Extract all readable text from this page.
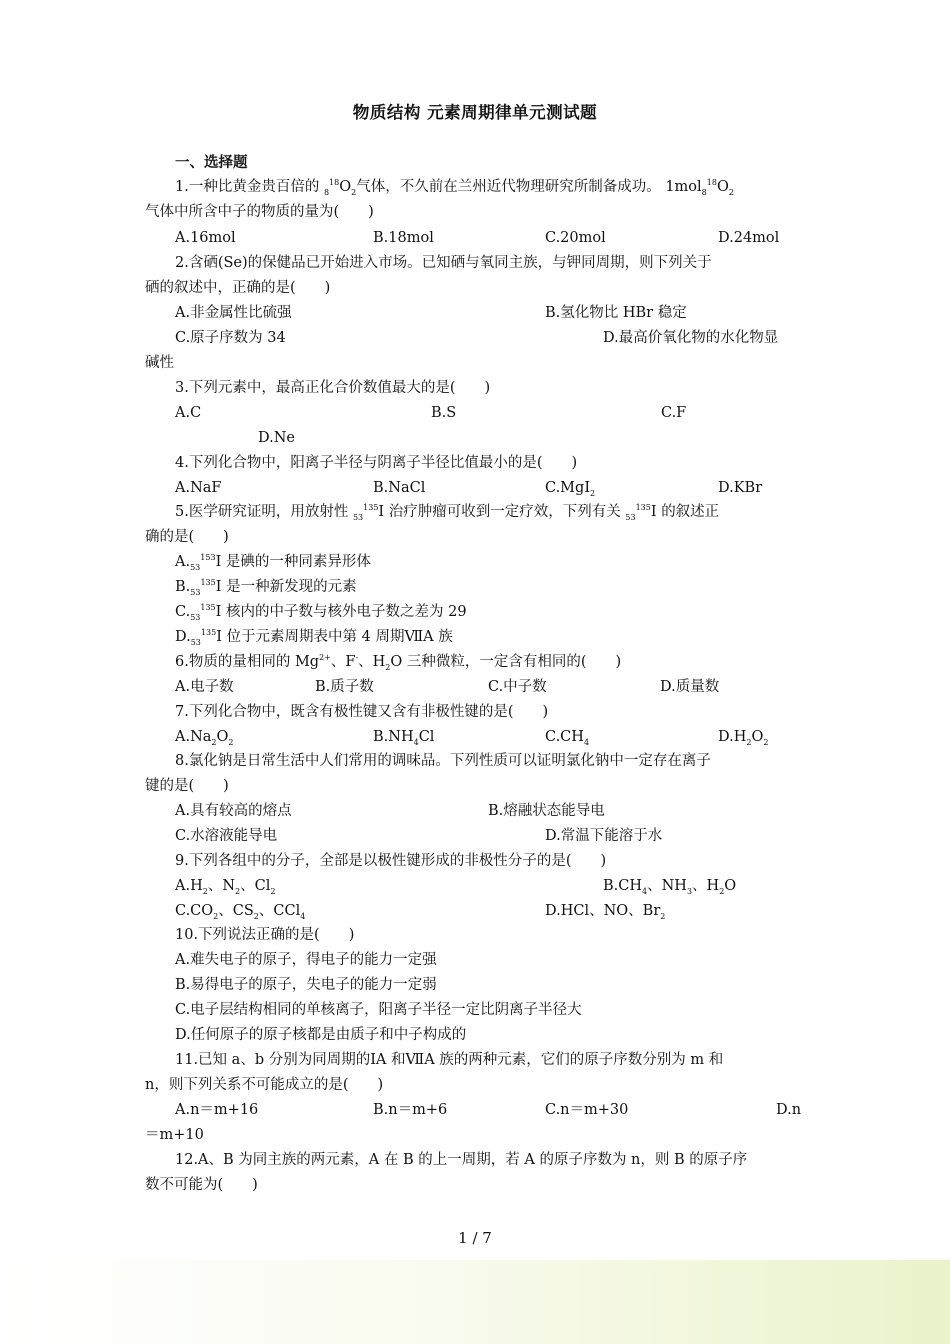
物质结构 元素周期律单元测试题
一、选择题
1.一种比黄金贵百倍的 $_8^{18}O_2$气体，不久前在兰州近代物理研究所制备成功。 $1mol_8^{18}O_2$
气体中所含中子的物质的量为(　　)
A.16mol	B.18mol	C.20mol	D.24mol
2.含硒(Se)的保健品已开始进入市场。已知硒与氧同主族，与钾同周期，则下列关于
硒的叙述中，正确的是(　　)
A.非金属性比硫强	B.氢化物比 HBr 稳定
C.原子序数为 34	D.最高价氧化物的水化物显
碱性
3.下列元素中，最高正化合价数值最大的是(　　)
A.C	B.S	C.F
D.Ne
4.下列化合物中，阳离子半径与阴离子半径比值最小的是(　　)
A.NaF	B.NaCl	C.MgI$_2$	D.KBr
5.医学研究证明，用放射性 $_{53}^{135}$I 治疗肿瘤可收到一定疗效，下列有关 $_{53}^{135}$I 的叙述正
确的是(　　)
$A._{53}^{153}I$ 是碘的一种同素异形体
$B._{53}^{135}I$ 是一种新发现的元素
$C._{53}^{135}I$ 核内的中子数与核外电子数之差为 29
$D._{53}^{135}I$ 位于元素周期表中第 4 周期ⅦA 族
6.物质的量相同的 $Mg^{2+}$、F-、$H_2O$ 三种微粒，一定含有相同的(　　)
A.电子数	B.质子数	C.中子数	D.质量数
7.下列化合物中，既含有极性键又含有非极性键的是(　　)
$A.Na_2O_2$	$B.NH_4Cl$	$C.CH_4$	$D.H_2O_2$
8.氯化钠是日常生活中人们常用的调味品。下列性质可以证明氯化钠中一定存在离子
键的是(　　)
A.具有较高的熔点	B.熔融状态能导电
C.水溶液能导电	D.常温下能溶于水
9.下列各组中的分子，全部是以极性键形成的非极性分子的是(　　)
$A.H_2$、$N_2$、$Cl_2$	$B.CH_4$、$NH_3$、$H_2O$
$C.CO_2$、$CS_2$、CCl$_4$	D.HCl、NO、$Br_2$
10.下列说法正确的是(　　)
A.难失电子的原子，得电子的能力一定强
B.易得电子的原子，失电子的能力一定弱
C.电子层结构相同的单核离子，阳离子半径一定比阴离子半径大
D.任何原子的原子核都是由质子和中子构成的
11.已知 a、b 分别为同周期的ⅠA 和ⅦA 族的两种元素，它们的原子序数分别为 m 和
n，则下列关系不可能成立的是(　　)
A.n＝m+16	B.n＝m+6	C.n＝m+30	D.n
＝m+10
12.A、B 为同主族的两元素，A 在 B 的上一周期，若 A 的原子序数为 n，则 B 的原子序
数不可能为(　　)
1 / 7
